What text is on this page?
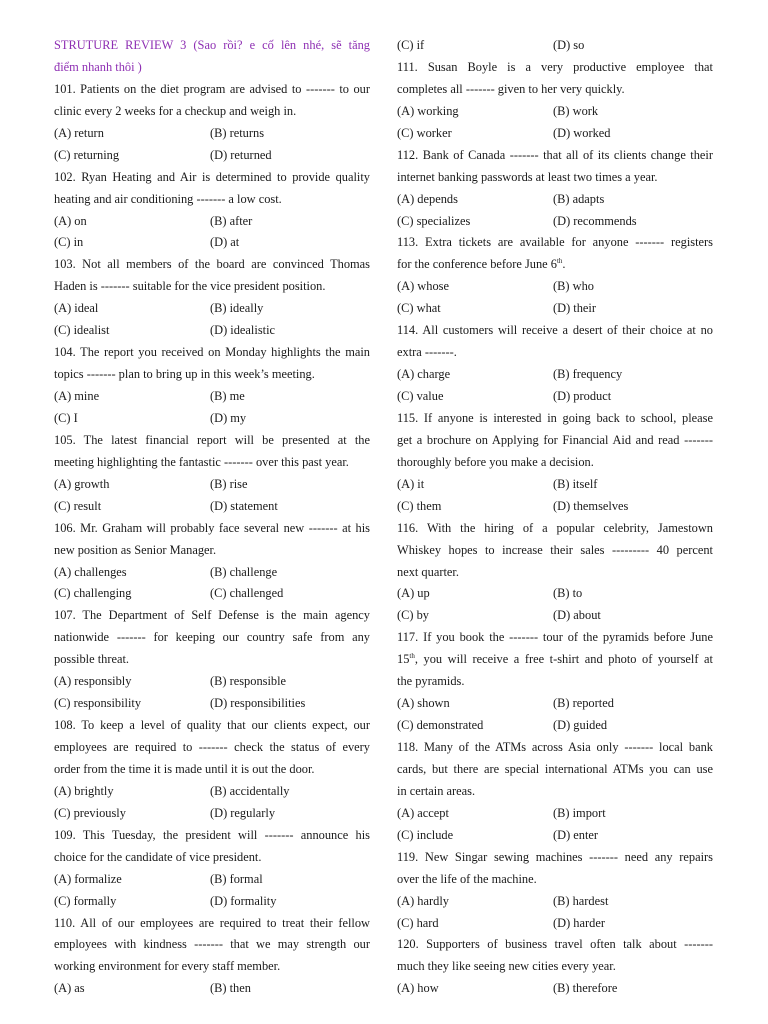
STRUTURE REVIEW 3 (Sao rồi? e cố lên nhé, sẽ tăng
điểm nhanh thôi )
101. Patients on the diet program are advised to ------- to our
clinic every 2 weeks for a checkup and weigh in.
(A) return	(B) returns
(C) returning	(D) returned
102. Ryan Heating and Air is determined to provide quality
heating and air conditioning ------- a low cost.
(A) on	(B) after
(C) in	(D) at
103. Not all members of the board are convinced Thomas
Haden is ------- suitable for the vice president position.
(A) ideal	(B) ideally
(C) idealist	(D) idealistic
104. The report you received on Monday highlights the main
topics ------- plan to bring up in this week’s meeting.
(A) mine	(B) me
(C) I	(D) my
105. The latest financial report will be presented at the
meeting highlighting the fantastic ------- over this past year.
(A) growth	(B) rise
(C) result	(D) statement
106. Mr. Graham will probably face several new ------- at his
new position as Senior Manager.
(A) challenges	(B) challenge
(C) challenging	(C) challenged
107. The Department of Self Defense is the main agency
nationwide ------- for keeping our country safe from any
possible threat.
(A) responsibly	(B) responsible
(C) responsibility	(D) responsibilities
108. To keep a level of quality that our clients expect, our
employees are required to ------- check the status of every
order from the time it is made until it is out the door.
(A) brightly	(B) accidentally
(C) previously	(D) regularly
109. This Tuesday, the president will ------- announce his
choice for the candidate of vice president.
(A) formalize	(B) formal
(C) formally	(D) formality
110. All of our employees are required to treat their fellow
employees with kindness ------- that we may strength our
working environment for every staff member.
(A) as	(B) then
(C) if	(D) so
111. Susan Boyle is a very productive employee that
completes all ------- given to her very quickly.
(A) working	(B) work
(C) worker	(D) worked
112. Bank of Canada ------- that all of its clients change their
internet banking passwords at least two times a year.
(A) depends	(B) adapts
(C) specializes	(D) recommends
113. Extra tickets are available for anyone ------- registers
for the conference before June 6th.
(A) whose	(B) who
(C) what	(D) their
114. All customers will receive a desert of their choice at no
extra -------.
(A) charge	(B) frequency
(C) value	(D) product
115. If anyone is interested in going back to school, please
get a brochure on Applying for Financial Aid and read -------
thoroughly before you make a decision.
(A) it	(B) itself
(C) them	(D) themselves
116. With the hiring of a popular celebrity, Jamestown
Whiskey hopes to increase their sales --------- 40 percent
next quarter.
(A) up	(B) to
(C) by	(D) about
117. If you book the ------- tour of the pyramids before June
15th, you will receive a free t-shirt and photo of yourself at
the pyramids.
(A) shown	(B) reported
(C) demonstrated	(D) guided
118. Many of the ATMs across Asia only ------- local bank
cards, but there are special international ATMs you can use
in certain areas.
(A) accept	(B) import
(C) include	(D) enter
119. New Singar sewing machines ------- need any repairs
over the life of the machine.
(A) hardly	(B) hardest
(C) hard	(D) harder
120. Supporters of business travel often talk about -------
much they like seeing new cities every year.
(A) how	(B) therefore
